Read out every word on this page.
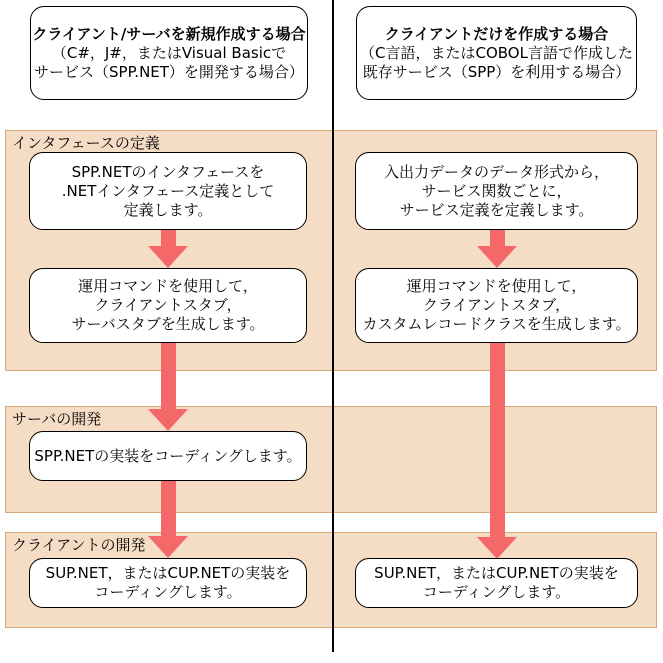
インタフェースの定義
サーバの開発
クライアントの開発
クライアント/サーバを新規作成する場合
（C#，J#，またはVisual Basicで
サービス（SPP.NET）を開発する場合）
クライアントだけを作成する場合
（C言語，またはCOBOL言語で作成した
既存サービス（SPP）を利用する場合）
SPP.NETのインタフェースを
.NETインタフェース定義として
定義します。
入出力データのデータ形式から，
サービス関数ごとに，
サービス定義を定義します。
運用コマンドを使用して，
クライアントスタブ，
サーバスタブを生成します。
運用コマンドを使用して，
クライアントスタブ，
カスタムレコードクラスを生成します。
SPP.NETの実装をコーディングします。
SUP.NET，またはCUP.NETの実装を
コーディングします。
SUP.NET，またはCUP.NETの実装を
コーディングします。
